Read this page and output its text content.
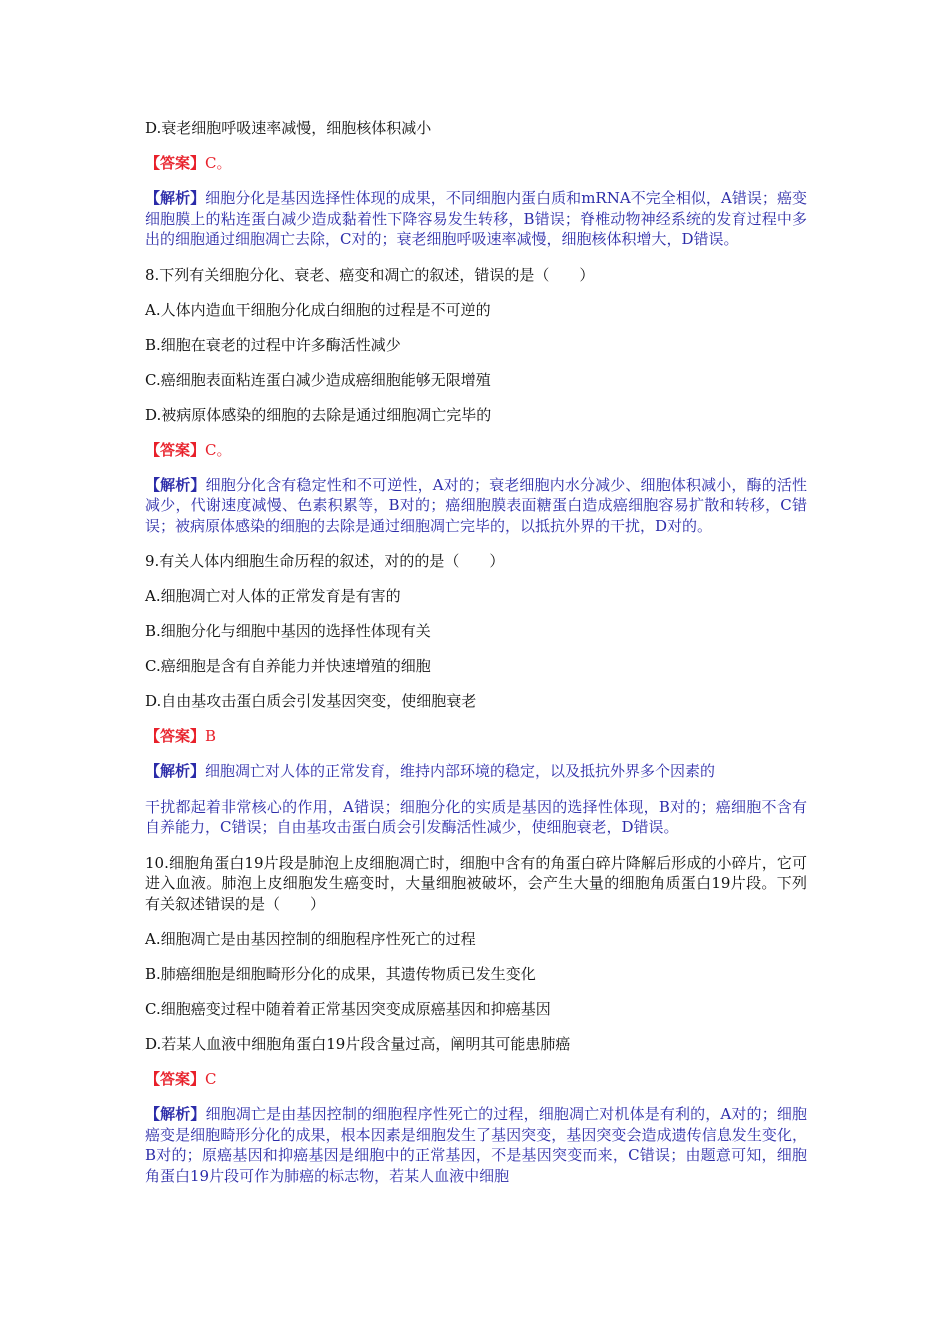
D.衰老细胞呼吸速率减慢，细胞核体积减小

【答案】C。

【解析】细胞分化是基因选择性体现的成果，不同细胞内蛋白质和mRNA不完全相似，A错误；癌变细胞膜上的粘连蛋白减少造成黏着性下降容易发生转移，B错误；脊椎动物神经系统的发育过程中多出的细胞通过细胞凋亡去除，C对的；衰老细胞呼吸速率减慢，细胞核体积增大，D错误。

8.下列有关细胞分化、衰老、癌变和凋亡的叙述，错误的是（　　）

A.人体内造血干细胞分化成白细胞的过程是不可逆的

B.细胞在衰老的过程中许多酶活性减少

C.癌细胞表面粘连蛋白减少造成癌细胞能够无限增殖

D.被病原体感染的细胞的去除是通过细胞凋亡完毕的

【答案】C。

【解析】细胞分化含有稳定性和不可逆性，A对的；衰老细胞内水分减少、细胞体积减小，酶的活性减少，代谢速度减慢、色素积累等，B对的；癌细胞膜表面糖蛋白造成癌细胞容易扩散和转移，C错误；被病原体感染的细胞的去除是通过细胞凋亡完毕的，以抵抗外界的干扰，D对的。

9.有关人体内细胞生命历程的叙述，对的的是（　　）

A.细胞凋亡对人体的正常发育是有害的

B.细胞分化与细胞中基因的选择性体现有关

C.癌细胞是含有自养能力并快速增殖的细胞

D.自由基攻击蛋白质会引发基因突变，使细胞衰老

【答案】B

【解析】细胞凋亡对人体的正常发育，维持内部环境的稳定，以及抵抗外界多个因素的

干扰都起着非常核心的作用，A错误；细胞分化的实质是基因的选择性体现，B对的；癌细胞不含有自养能力，C错误；自由基攻击蛋白质会引发酶活性减少，使细胞衰老，D错误。

10.细胞角蛋白19片段是肺泡上皮细胞凋亡时，细胞中含有的角蛋白碎片降解后形成的小碎片，它可进入血液。肺泡上皮细胞发生癌变时，大量细胞被破坏，会产生大量的细胞角质蛋白19片段。下列有关叙述错误的是（　　）

A.细胞凋亡是由基因控制的细胞程序性死亡的过程

B.肺癌细胞是细胞畸形分化的成果，其遗传物质已发生变化

C.细胞癌变过程中随着着正常基因突变成原癌基因和抑癌基因

D.若某人血液中细胞角蛋白19片段含量过高，阐明其可能患肺癌

【答案】C

【解析】细胞凋亡是由基因控制的细胞程序性死亡的过程，细胞凋亡对机体是有利的，A对的；细胞癌变是细胞畸形分化的成果，根本因素是细胞发生了基因突变，基因突变会造成遗传信息发生变化，B对的；原癌基因和抑癌基因是细胞中的正常基因，不是基因突变而来，C错误；由题意可知，细胞角蛋白19片段可作为肺癌的标志物，若某人血液中细胞
